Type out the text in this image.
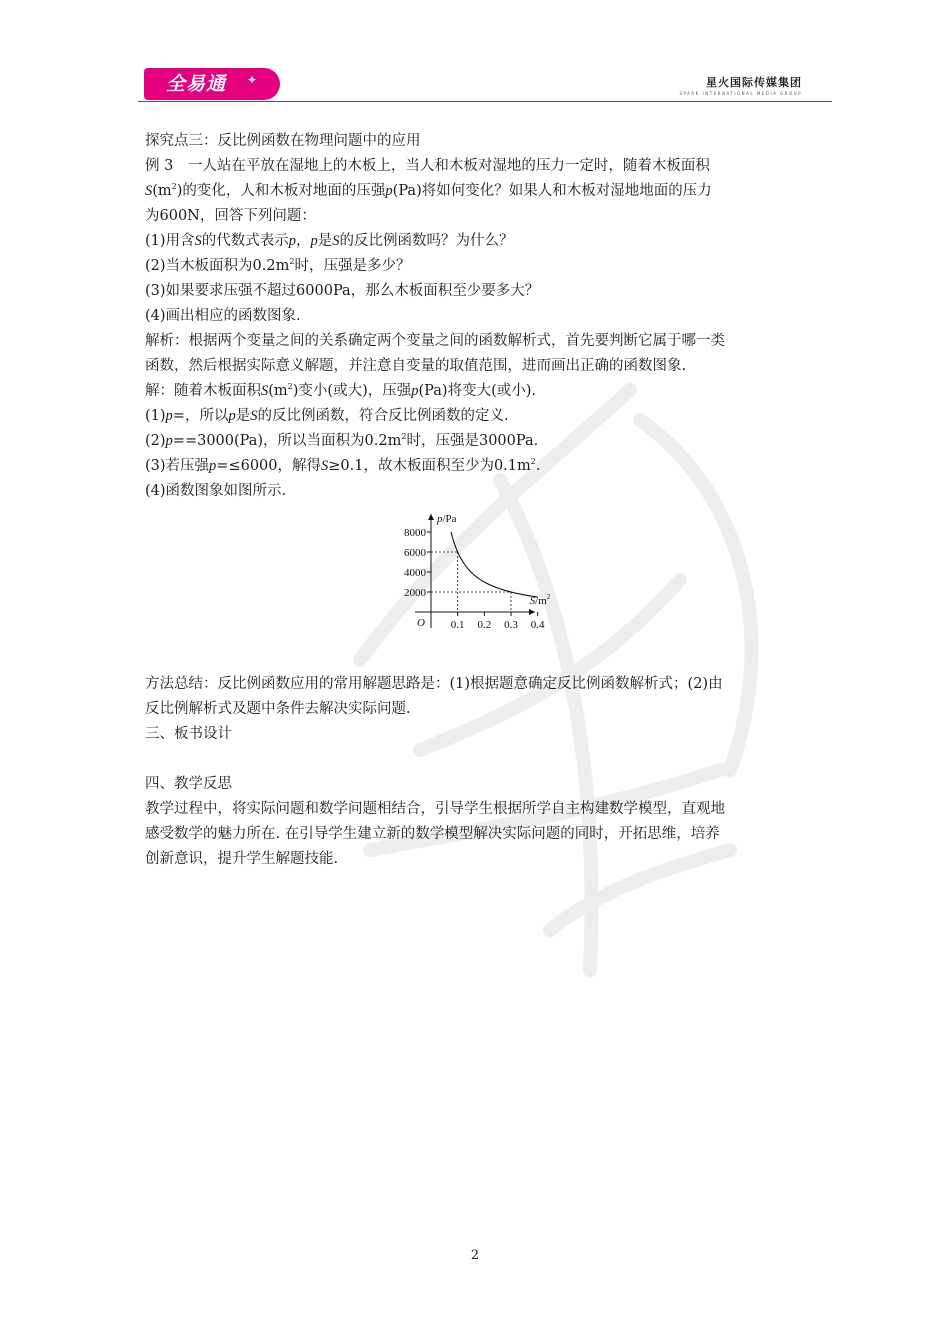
全易通	✦	星火国际传媒集团
SPARK INTERNATIONAL MEDIA GROUP

探究点三：反比例函数在物理问题中的应用

例 3　一人站在平放在湿地上的木板上，当人和木板对湿地的压力一定时，随着木板面积

$S(m^2)$的变化，人和木板对地面的压强p(Pa)将如何变化？如果人和木板对湿地地面的压力

为600N，回答下列问题：

(1)用含S的代数式表示p，p是S的反比例函数吗？为什么？

(2)当木板面积为$0.2m^2$时，压强是多少？

(3)如果要求压强不超过6000Pa，那么木板面积至少要多大？

(4)画出相应的函数图象.

解析：根据两个变量之间的关系确定两个变量之间的函数解析式，首先要判断它属于哪一类

函数，然后根据实际意义解题，并注意自变量的取值范围，进而画出正确的函数图象.

解：随着木板面积$S(m^2)$变小(或大)，压强p(Pa)将变大(或小).

(1)p=，所以p是S的反比例函数，符合反比例函数的定义.

(2)p==3000(Pa)，所以当面积为$0.2m^2$时，压强是3000Pa.

(3)若压强p=≤6000，解得S≥0.1，故木板面积至少为$0.1m^2$.

(4)函数图象如图所示.

p/Pa
$S/m^2$
O
8000
6000
4000
2000
0.1 0.2 0.3 0.4

方法总结：反比例函数应用的常用解题思路是：(1)根据题意确定反比例函数解析式；(2)由

反比例解析式及题中条件去解决实际问题.

三、板书设计

四、教学反思

教学过程中，将实际问题和数学问题相结合，引导学生根据所学自主构建数学模型，直观地

感受数学的魅力所在. 在引导学生建立新的数学模型解决实际问题的同时，开拓思维，培养

创新意识，提升学生解题技能.

2
